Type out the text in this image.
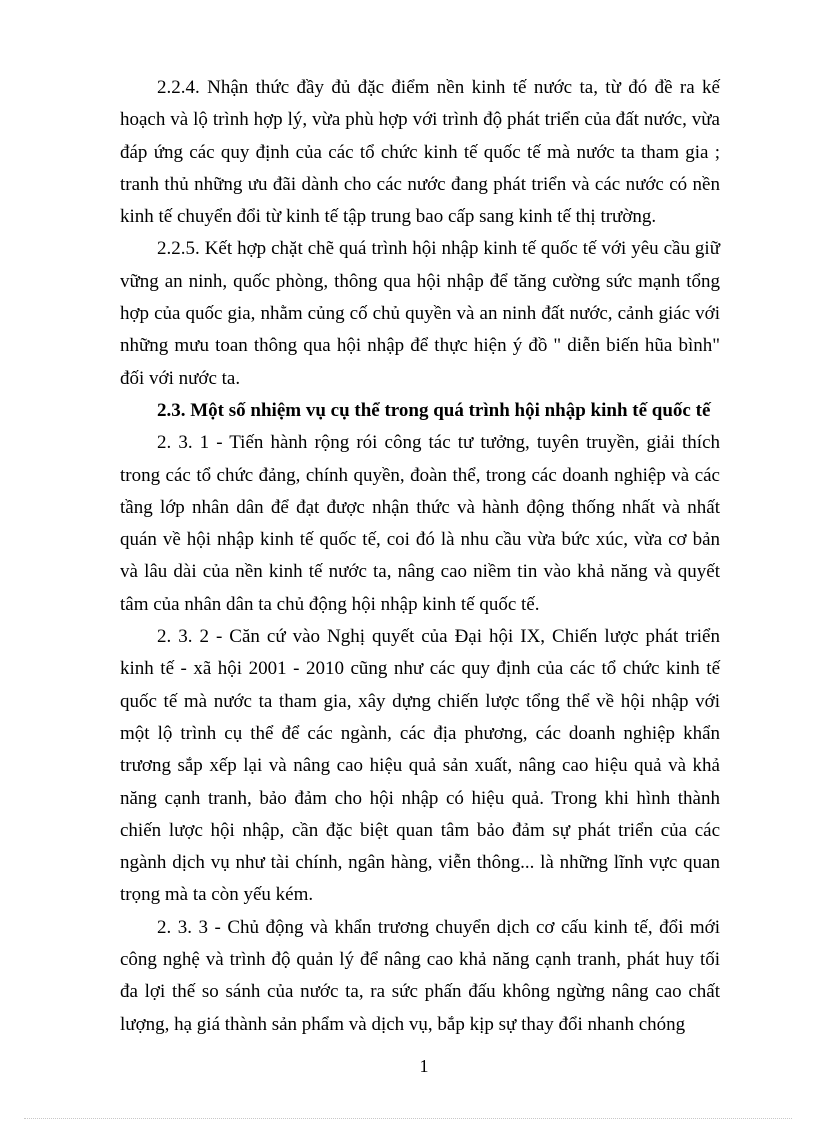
2.2.4. Nhận thức đầy đủ đặc điểm nền kinh tế nước ta, từ đó đề ra kế hoạch và lộ trình hợp lý, vừa phù hợp với trình độ phát triển của đất nước, vừa đáp ứng các quy định của các tổ chức kinh tế quốc tế mà nước ta tham gia ; tranh thủ những ưu đãi dành cho các nước đang phát triển và các nước có nền kinh tế chuyển đổi từ kinh tế tập trung bao cấp sang kinh tế thị trường.

2.2.5. Kết hợp chặt chẽ quá trình hội nhập kinh tế quốc tế với yêu cầu giữ vững an ninh, quốc phòng, thông qua hội nhập để tăng cường sức mạnh tổng hợp của quốc gia, nhằm củng cố chủ quyền và an ninh đất nước, cảnh giác với những mưu toan thông qua hội nhập để thực hiện ý đồ " diễn biến hũa bình" đối với nước ta.

2.3. Một số nhiệm vụ cụ thể trong quá trình hội nhập kinh tế quốc tế

2. 3. 1 - Tiến hành rộng rói công tác tư tưởng, tuyên truyền, giải thích trong các tổ chức đảng, chính quyền, đoàn thể, trong các doanh nghiệp và các tầng lớp nhân dân để đạt được nhận thức và hành động thống nhất và nhất quán về hội nhập kinh tế quốc tế, coi đó là nhu cầu vừa bức xúc, vừa cơ bản và lâu dài của nền kinh tế nước ta, nâng cao niềm tin vào khả năng và quyết tâm của nhân dân ta chủ động hội nhập kinh tế quốc tế.

2. 3. 2 - Căn cứ vào Nghị quyết của Đại hội IX, Chiến lược phát triển kinh tế - xã hội 2001 - 2010 cũng như các quy định của các tổ chức kinh tế quốc tế mà nước ta tham gia, xây dựng chiến lược tổng thể về hội nhập với một lộ trình cụ thể để các ngành, các địa phương, các doanh nghiệp khẩn trương sắp xếp lại và nâng cao hiệu quả sản xuất, nâng cao hiệu quả và khả năng cạnh tranh, bảo đảm cho hội nhập có hiệu quả. Trong khi hình thành chiến lược hội nhập, cần đặc biệt quan tâm bảo đảm sự phát triển của các ngành dịch vụ như tài chính, ngân hàng, viễn thông... là những lĩnh vực quan trọng mà ta còn yếu kém.

2. 3. 3 - Chủ động và khẩn trương chuyển dịch cơ cấu kinh tế, đổi mới công nghệ và trình độ quản lý để nâng cao khả năng cạnh tranh, phát huy tối đa lợi thế so sánh của nước ta, ra sức phấn đấu không ngừng nâng cao chất lượng, hạ giá thành sản phẩm và dịch vụ, bắp kịp sự thay đổi nhanh chóng

1
